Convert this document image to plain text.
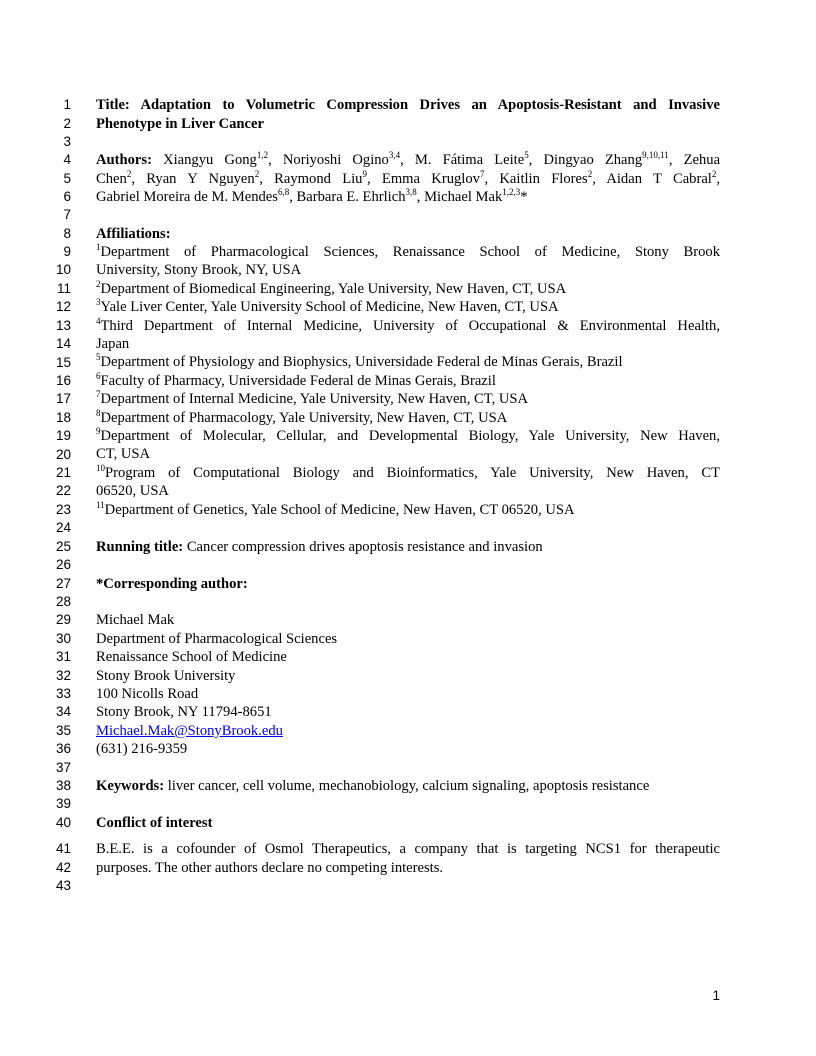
1
2
3
4
5
6
7
8
9
10
11
12
13
14
15
16
17
18
19
20
21
22
23
24
25
26
27
28
29
30
31
32
33
34
35
36
37
38
39
40
41
42
43
Title: Adaptation to Volumetric Compression Drives an Apoptosis-Resistant and Invasive
Phenotype in Liver Cancer
Authors: Xiangyu Gong$^{1,2}$, Noriyoshi Ogino$^{3,4}$, M. Fátima Leite$^5$, Dingyao Zhang$^{9,10,11}$, Zehua
Chen$^2$, Ryan Y Nguyen$^2$, Raymond Liu$^9$, Emma Kruglov$^7$, Kaitlin Flores$^2$, Aidan T Cabral$^2$,
Gabriel Moreira de M. Mendes$^{6,8}$, Barbara E. Ehrlich$^{3,8}$, Michael Mak$^{1,2,3}$*
Affiliations:
$^1$Department of Pharmacological Sciences, Renaissance School of Medicine, Stony Brook
University, Stony Brook, NY, USA
$^2$Department of Biomedical Engineering, Yale University, New Haven, CT, USA
$^3$Yale Liver Center, Yale University School of Medicine, New Haven, CT, USA
$^4$Third Department of Internal Medicine, University of Occupational & Environmental Health,
Japan
$^5$Department of Physiology and Biophysics, Universidade Federal de Minas Gerais, Brazil
$^6$Faculty of Pharmacy, Universidade Federal de Minas Gerais, Brazil
$^7$Department of Internal Medicine, Yale University, New Haven, CT, USA
$^8$Department of Pharmacology, Yale University, New Haven, CT, USA
$^9$Department of Molecular, Cellular, and Developmental Biology, Yale University, New Haven,
CT, USA
$^{10}$Program of Computational Biology and Bioinformatics, Yale University, New Haven, CT
06520, USA
$^{11}$Department of Genetics, Yale School of Medicine, New Haven, CT 06520, USA
Running title: Cancer compression drives apoptosis resistance and invasion
*Corresponding author:
Michael Mak
Department of Pharmacological Sciences
Renaissance School of Medicine
Stony Brook University
100 Nicolls Road
Stony Brook, NY 11794-8651
Michael.Mak@StonyBrook.edu
(631) 216-9359
Keywords: liver cancer, cell volume, mechanobiology, calcium signaling, apoptosis resistance
Conflict of interest
B.E.E. is a cofounder of Osmol Therapeutics, a company that is targeting NCS1 for therapeutic
purposes. The other authors declare no competing interests.
1
